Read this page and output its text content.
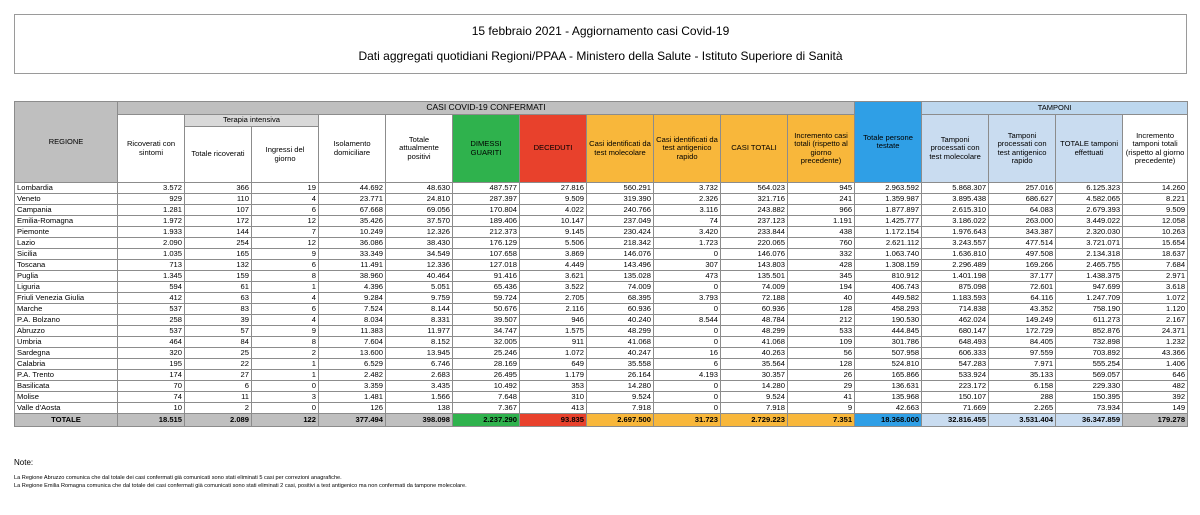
15 febbraio 2021 - Aggiornamento casi Covid-19
Dati aggregati quotidiani Regioni/PPAA - Ministero della Salute - Istituto Superiore di Sanità
REGIONE	CASI COVID-19 CONFERMATI											Totale persone testate	TAMPONI			
	Ricoverati con sintomi	Terapia intensiva		Isolamento domiciliare	Totale attualmente positivi	DIMESSI GUARITI	DECEDUTI	Casi identificati da test molecolare	Casi identificati da test antigenico rapido	CASI TOTALI	Incremento casi totali (rispetto al giorno precedente)		Tamponi processati con test molecolare	Tamponi processati con test antigenico rapido	TOTALE tamponi effettuati	Incremento tamponi totali (rispetto al giorno precedente)
		Totale ricoverati	Ingressi del giorno													
Lombardia	3.572	366	19	44.692	48.630	487.577	27.816	560.291	3.732	564.023	945	2.963.592	5.868.307	257.016	6.125.323	14.260
Veneto	929	110	4	23.771	24.810	287.397	9.509	319.390	2.326	321.716	241	1.359.987	3.895.438	686.627	4.582.065	8.221
Campania	1.281	107	6	67.668	69.056	170.804	4.022	240.766	3.116	243.882	966	1.877.897	2.615.310	64.083	2.679.393	9.509
Emilia-Romagna	1.972	172	12	35.426	37.570	189.406	10.147	237.049	74	237.123	1.191	1.425.777	3.186.022	263.000	3.449.022	12.058
Piemonte	1.933	144	7	10.249	12.326	212.373	9.145	230.424	3.420	233.844	438	1.172.154	1.976.643	343.387	2.320.030	10.263
Lazio	2.090	254	12	36.086	38.430	176.129	5.506	218.342	1.723	220.065	760	2.621.112	3.243.557	477.514	3.721.071	15.654
Sicilia	1.035	165	9	33.349	34.549	107.658	3.869	146.076	0	146.076	332	1.063.740	1.636.810	497.508	2.134.318	18.637
Toscana	713	132	6	11.491	12.336	127.018	4.449	143.496	307	143.803	428	1.308.159	2.296.489	169.266	2.465.755	7.684
Puglia	1.345	159	8	38.960	40.464	91.416	3.621	135.028	473	135.501	345	810.912	1.401.198	37.177	1.438.375	2.971
Liguria	594	61	1	4.396	5.051	65.436	3.522	74.009	0	74.009	194	406.743	875.098	72.601	947.699	3.618
Friuli Venezia Giulia	412	63	4	9.284	9.759	59.724	2.705	68.395	3.793	72.188	40	449.582	1.183.593	64.116	1.247.709	1.072
Marche	537	83	6	7.524	8.144	50.676	2.116	60.936	0	60.936	128	458.293	714.838	43.352	758.190	1.120
P.A. Bolzano	258	39	4	8.034	8.331	39.507	946	40.240	8.544	48.784	212	190.530	462.024	149.249	611.273	2.167
Abruzzo	537	57	9	11.383	11.977	34.747	1.575	48.299	0	48.299	533	444.845	680.147	172.729	852.876	24.371
Umbria	464	84	8	7.604	8.152	32.005	911	41.068	0	41.068	109	301.786	648.493	84.405	732.898	1.232
Sardegna	320	25	2	13.600	13.945	25.246	1.072	40.247	16	40.263	56	507.958	606.333	97.559	703.892	43.366
Calabria	195	22	1	6.529	6.746	28.169	649	35.558	6	35.564	128	524.810	547.283	7.971	555.254	1.406
P.A. Trento	174	27	1	2.482	2.683	26.495	1.179	26.164	4.193	30.357	26	165.866	533.924	35.133	569.057	646
Basilicata	70	6	0	3.359	3.435	10.492	353	14.280	0	14.280	29	136.631	223.172	6.158	229.330	482
Molise	74	11	3	1.481	1.566	7.648	310	9.524	0	9.524	41	135.968	150.107	288	150.395	392
Valle d'Aosta	10	2	0	126	138	7.367	413	7.918	0	7.918	9	42.663	71.669	2.265	73.934	149
TOTALE	18.515	2.089	122	377.494	398.098	2.237.290	93.835	2.697.500	31.723	2.729.223	7.351	18.368.000	32.816.455	3.531.404	36.347.859	179.278
Note:
La Regione Abruzzo comunica che dal totale dei casi confermati già comunicati sono stati eliminati 5 casi per correzioni anagrafiche.
La Regione Emilia Romagna comunica che dal totale dei casi confermati già comunicati sono stati eliminati 2 casi, positivi a test antigenico ma non confermati da tampone molecolare.
